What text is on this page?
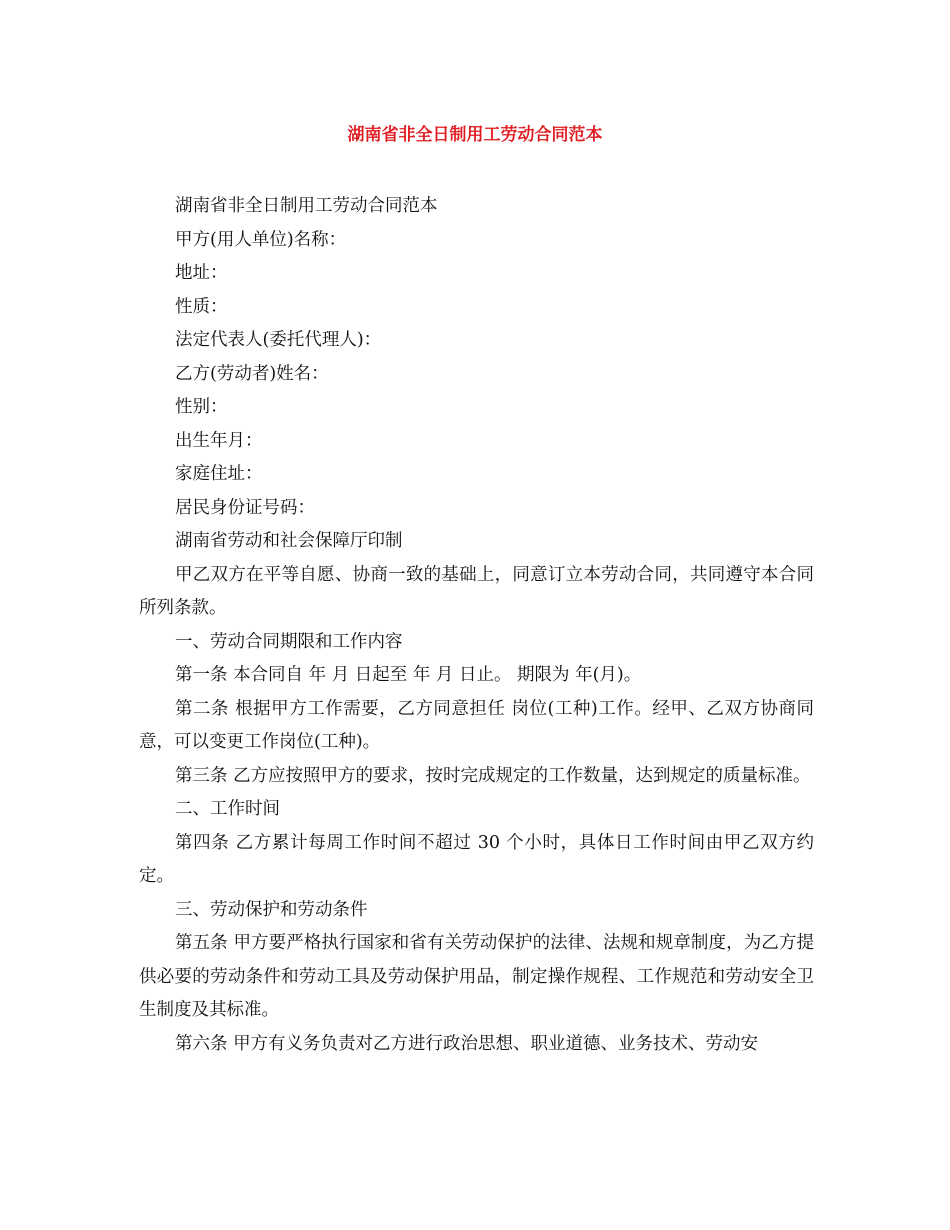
湖南省非全日制用工劳动合同范本

湖南省非全日制用工劳动合同范本

甲方(用人单位)名称：

地址：

性质：

法定代表人(委托代理人)：

乙方(劳动者)姓名：

性别：

出生年月：

家庭住址：

居民身份证号码：

湖南省劳动和社会保障厅印制

甲乙双方在平等自愿、协商一致的基础上，同意订立本劳动合同，共同遵守本合同所列条款。

一、劳动合同期限和工作内容

第一条 本合同自 年 月 日起至 年 月 日止。 期限为 年(月)。

第二条 根据甲方工作需要，乙方同意担任 岗位(工种)工作。经甲、乙双方协商同意，可以变更工作岗位(工种)。

第三条 乙方应按照甲方的要求，按时完成规定的工作数量，达到规定的质量标准。

二、工作时间

第四条 乙方累计每周工作时间不超过 30 个小时，具体日工作时间由甲乙双方约定。

三、劳动保护和劳动条件

第五条 甲方要严格执行国家和省有关劳动保护的法律、法规和规章制度，为乙方提供必要的劳动条件和劳动工具及劳动保护用品，制定操作规程、工作规范和劳动安全卫生制度及其标准。

第六条 甲方有义务负责对乙方进行政治思想、职业道德、业务技术、劳动安
